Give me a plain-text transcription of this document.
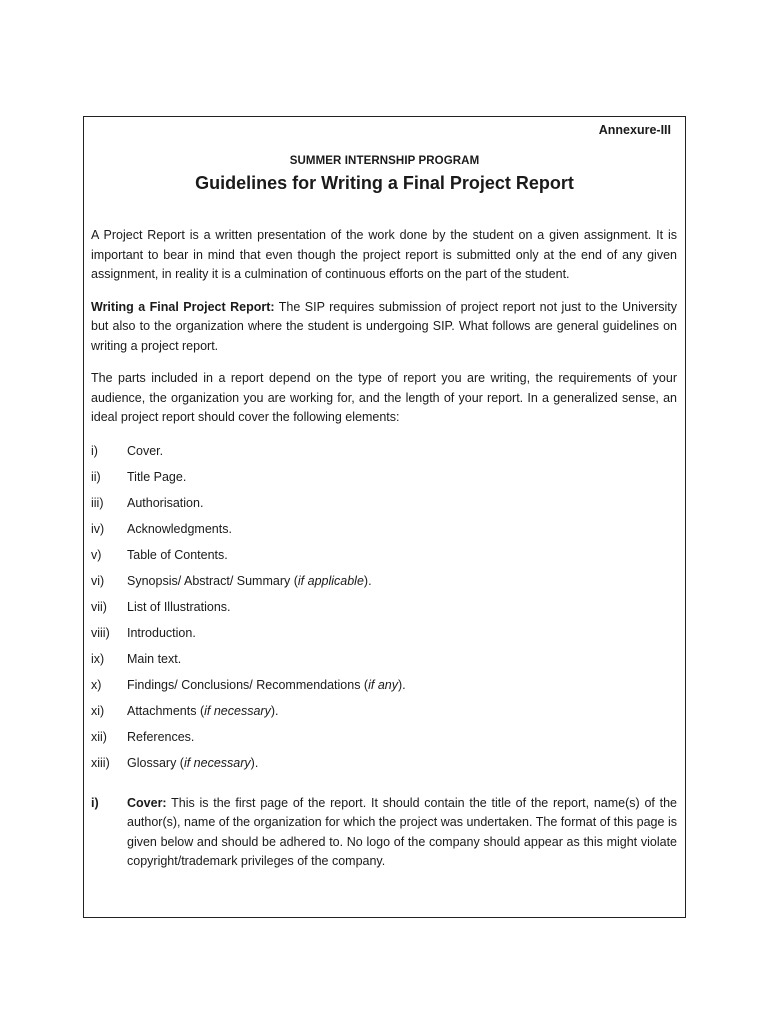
Annexure-III
SUMMER INTERNSHIP PROGRAM
Guidelines for Writing a Final Project Report

A Project Report is a written presentation of the work done by the student on a given assignment. It is important to bear in mind that even though the project report is submitted only at the end of any given assignment, in reality it is a culmination of continuous efforts on the part of the student.

Writing a Final Project Report: The SIP requires submission of project report not just to the University but also to the organization where the student is undergoing SIP. What follows are general guidelines on writing a project report.

The parts included in a report depend on the type of report you are writing, the requirements of your audience, the organization you are working for, and the length of your report. In a generalized sense, an ideal project report should cover the following elements:

i)	Cover.
ii)	Title Page.
iii)	Authorisation.
iv)	Acknowledgments.
v)	Table of Contents.
vi)	Synopsis/ Abstract/ Summary (if applicable).
vii)	List of Illustrations.
viii)	Introduction.
ix)	Main text.
x)	Findings/ Conclusions/ Recommendations (if any).
xi)	Attachments (if necessary).
xii)	References.
xiii)	Glossary (if necessary).
i)	Cover: This is the first page of the report. It should contain the title of the report, name(s) of the author(s), name of the organization for which the project was undertaken. The format of this page is given below and should be adhered to. No logo of the company should appear as this might violate copyright/trademark privileges of the company.
